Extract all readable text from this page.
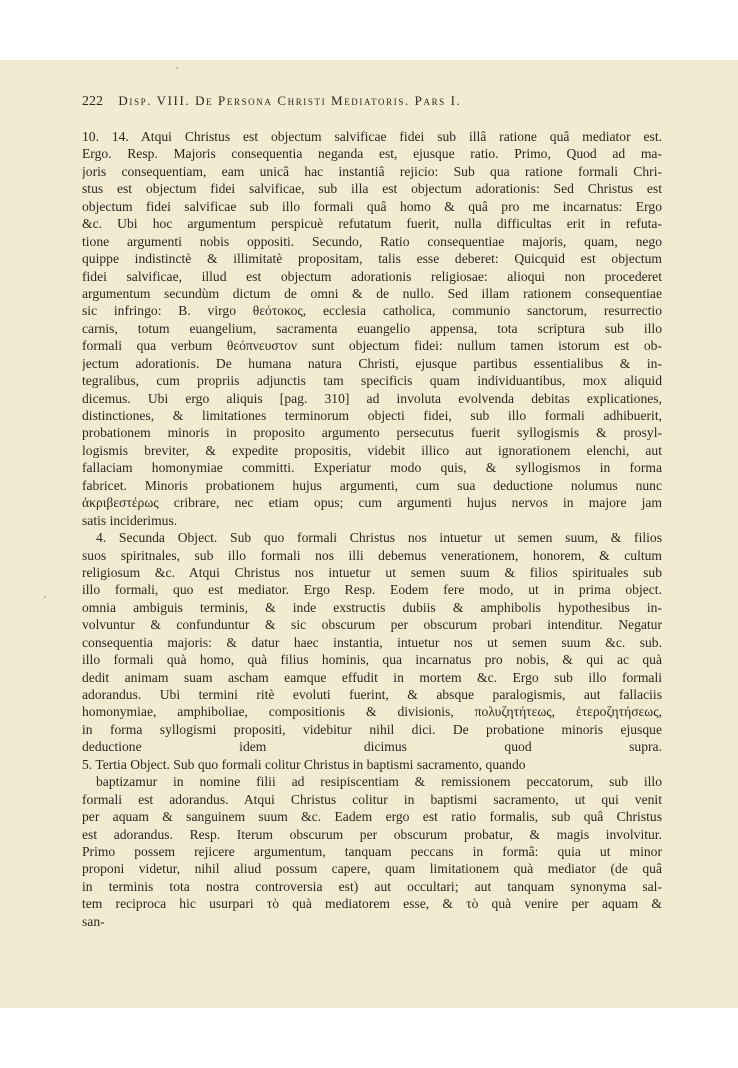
222 Disp. VIII. De Persona Christi Mediatoris. Pars I.
10. 14. Atqui Christus est objectum salvificae fidei sub illâ ratione quâ mediator est.
Ergo. Resp. Majoris consequentia neganda est, ejusque ratio. Primo, Quod ad ma-
joris consequentiam, eam unicâ hac instantiâ rejicio: Sub qua ratione formali Chri-
stus est objectum fidei salvificae, sub illa est objectum adorationis: Sed Christus est
objectum fidei salvificae sub illo formali quâ homo & quâ pro me incarnatus: Ergo
&c. Ubi hoc argumentum perspicuè refutatum fuerit, nulla difficultas erit in refuta-
tione argumenti nobis oppositi. Secundo, Ratio consequentiae majoris, quam, nego
quippe indistinctè & illimitatè propositam, talis esse deberet: Quicquid est objectum
fidei salvificae, illud est objectum adorationis religiosae: alioqui non procederet
argumentum secundùm dictum de omni & de nullo. Sed illam rationem consequentiae
sic infringo: B. virgo θεότοκος, ecclesia catholica, communio sanctorum, resurrectio
carnis, totum euangelium, sacramenta euangelio appensa, tota scriptura sub illo
formali qua verbum θεόπνευστον sunt objectum fidei: nullum tamen istorum est ob-
jectum adorationis. De humana natura Christi, ejusque partibus essentialibus & in-
tegralibus, cum propriis adjunctis tam specificis quam individuantibus, mox aliquid
dicemus. Ubi ergo aliquis [pag. 310] ad involuta evolvenda debitas explicationes,
distinctiones, & limitationes terminorum objecti fidei, sub illo formali adhibuerit,
probationem minoris in proposito argumento persecutus fuerit syllogismis & prosyl-
logismis breviter, & expedite propositis, videbit illico aut ignorationem elenchi, aut
fallaciam homonymiae committi. Experiatur modo quis, & syllogismos in forma
fabricet. Minoris probationem hujus argumenti, cum sua deductione nolumus nunc
ἀκριβεστέρως cribrare, nec etiam opus; cum argumenti hujus nervos in majore jam
satis inciderimus.
4. Secunda Object. Sub quo formali Christus nos intuetur ut semen suum, & filios
suos spiritnales, sub illo formali nos illi debemus venerationem, honorem, & cultum
religiosum &c. Atqui Christus nos intuetur ut semen suum & filios spirituales sub
illo formali, quo est mediator. Ergo Resp. Eodem fere modo, ut in prima object.
omnia ambiguis terminis, & inde exstructis dubiis & amphibolis hypothesibus in-
volvuntur & confunduntur & sic obscurum per obscurum probari intenditur. Negatur
consequentia majoris: & datur haec instantia, intuetur nos ut semen suum &c. sub.
illo formali quà homo, quà filius hominis, qua incarnatus pro nobis, & qui ac quà
dedit animam suam ascham eamque effudit in mortem &c. Ergo sub illo formali
adorandus. Ubi termini ritè evoluti fuerint, & absque paralogismis, aut fallaciis
homonymiae, amphiboliae, compositionis & divisionis, πολυζητήτεως, ἑτεροζητήσεως,
in forma syllogismi propositi, videbitur nihil dici. De probatione minoris ejusque
deductione idem dicimus quod supra.
5. Tertia Object. Sub quo formali colitur Christus in baptismi sacramento, quando
baptizamur in nomine filii ad resipiscentiam & remissionem peccatorum, sub illo
formali est adorandus. Atqui Christus colitur in baptismi sacramento, ut qui venit
per aquam & sanguinem suum &c. Eadem ergo est ratio formalis, sub quâ Christus
est adorandus. Resp. Iterum obscurum per obscurum probatur, & magis involvitur.
Primo possem rejicere argumentum, tanquam peccans in formâ: quia ut minor
proponi videtur, nihil aliud possum capere, quam limitationem quà mediator (de quâ
in terminis tota nostra controversia est) aut occultari; aut tanquam synonyma sal-
tem reciproca hic usurpari τὸ quà mediatorem esse, & τὸ quà venire per aquam &
san-
